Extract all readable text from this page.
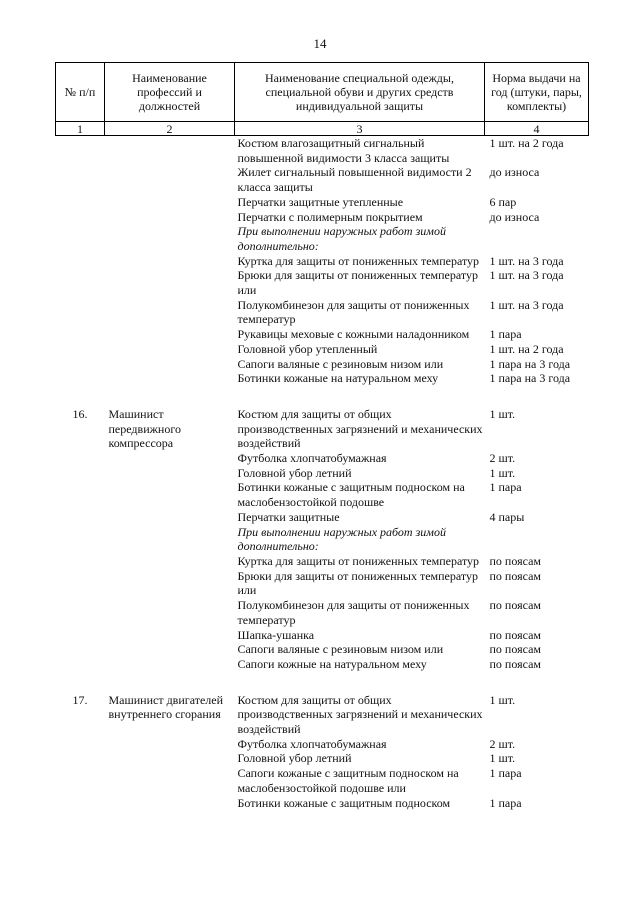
14
№ п/п	Наименование профессий и должностей	Наименование специальной одежды, специальной обуви и других средств индивидуальной защиты	Норма выдачи на год (штуки, пары, комплекты)
1	2	3	4
		Костюм влагозащитный сигнальный повышенной видимости 3 класса защиты	1 шт. на 2 года
		Жилет сигнальный повышенной видимости 2 класса защиты	до износа
		Перчатки защитные утепленные	6 пар
		Перчатки с полимерным покрытием	до износа
		При выполнении наружных работ зимой дополнительно:	
		Куртка для защиты от пониженных температур	1 шт. на 3 года
		Брюки для защиты от пониженных температур или	1 шт. на 3 года
		Полукомбинезон для защиты от пониженных температур	1 шт. на 3 года
		Рукавицы меховые с кожными наладонником	1 пара
		Головной убор утепленный	1 шт. на 2 года
		Сапоги валяные с резиновым низом или	1 пара на 3 года
		Ботинки кожаные на натуральном меху	1 пара на 3 года
16.	Машинист передвижного компрессора	Костюм для защиты от общих производственных загрязнений и механических воздействий	1 шт.
		Футболка хлопчатобумажная	2 шт.
		Головной убор летний	1 шт.
		Ботинки кожаные с защитным подноском на маслобензостойкой подошве	1 пара
		Перчатки защитные	4 пары
		При выполнении наружных работ зимой дополнительно:	
		Куртка для защиты от пониженных температур	по поясам
		Брюки для защиты от пониженных температур или	по поясам
		Полукомбинезон для защиты от пониженных температур	по поясам
		Шапка-ушанка	по поясам
		Сапоги валяные с резиновым низом или	по поясам
		Сапоги кожные на натуральном меху	по поясам
17.	Машинист двигателей внутреннего сгорания	Костюм для защиты от общих производственных загрязнений и механических воздействий	1 шт.
		Футболка хлопчатобумажная	2 шт.
		Головной убор летний	1 шт.
		Сапоги кожаные с защитным подноском на маслобензостойкой подошве или	1 пара
		Ботинки кожаные с защитным подноском	1 пара
